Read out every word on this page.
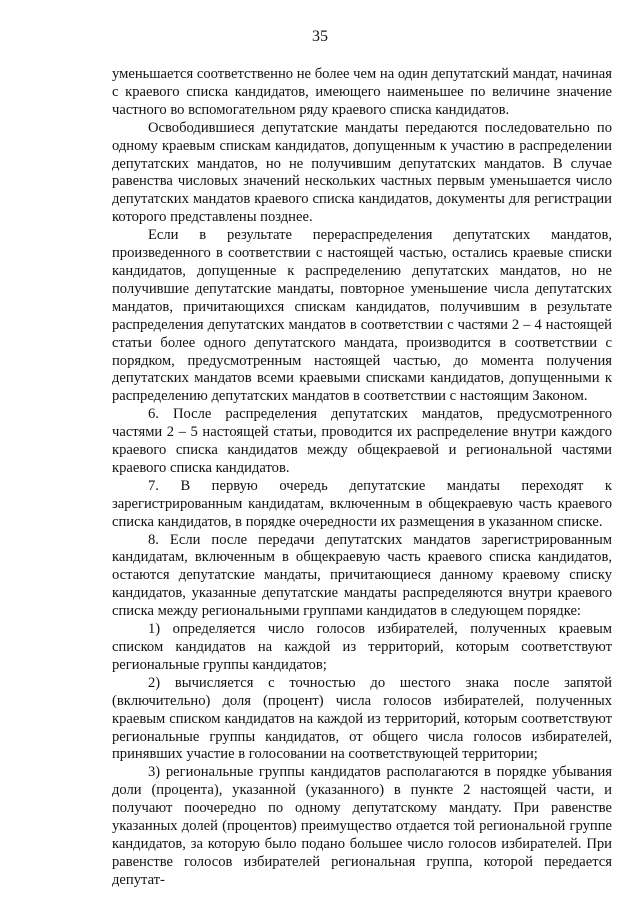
35

уменьшается соответственно не более чем на один депутатский мандат, начиная с краевого списка кандидатов, имеющего наименьшее по величине значение частного во вспомогательном ряду краевого списка кандидатов.

Освободившиеся депутатские мандаты передаются последовательно по одному краевым спискам кандидатов, допущенным к участию в распределении депутатских мандатов, но не получившим депутатских мандатов. В случае равенства числовых значений нескольких частных первым уменьшается число депутатских мандатов краевого списка кандидатов, документы для регистрации которого представлены позднее.

Если в результате перераспределения депутатских мандатов, произведенного в соответствии с настоящей частью, остались краевые списки кандидатов, допущенные к распределению депутатских мандатов, но не получившие депутатские мандаты, повторное уменьшение числа депутатских мандатов, причитающихся спискам кандидатов, получившим в результате распределения депутатских мандатов в соответствии с частями 2 – 4 настоящей статьи более одного депутатского мандата, производится в соответствии с порядком, предусмотренным настоящей частью, до момента получения депутатских мандатов всеми краевыми списками кандидатов, допущенными к распределению депутатских мандатов в соответствии с настоящим Законом.

6. После распределения депутатских мандатов, предусмотренного частями 2 – 5 настоящей статьи, проводится их распределение внутри каждого краевого списка кандидатов между общекраевой и региональной частями краевого списка кандидатов.

7. В первую очередь депутатские мандаты переходят к зарегистрированным кандидатам, включенным в общекраевую часть краевого списка кандидатов, в порядке очередности их размещения в указанном списке.

8. Если после передачи депутатских мандатов зарегистрированным кандидатам, включенным в общекраевую часть краевого списка кандидатов, остаются депутатские мандаты, причитающиеся данному краевому списку кандидатов, указанные депутатские мандаты распределяются внутри краевого списка между региональными группами кандидатов в следующем порядке:

1) определяется число голосов избирателей, полученных краевым списком кандидатов на каждой из территорий, которым соответствуют региональные группы кандидатов;

2) вычисляется с точностью до шестого знака после запятой (включительно) доля (процент) числа голосов избирателей, полученных краевым списком кандидатов на каждой из территорий, которым соответствуют региональные группы кандидатов, от общего числа голосов избирателей, принявших участие в голосовании на соответствующей территории;

3) региональные группы кандидатов располагаются в порядке убывания доли (процента), указанной (указанного) в пункте 2 настоящей части, и получают поочередно по одному депутатскому мандату. При равенстве указанных долей (процентов) преимущество отдается той региональной группе кандидатов, за которую было подано большее число голосов избирателей. При равенстве голосов избирателей региональная группа, которой передается депутат-
